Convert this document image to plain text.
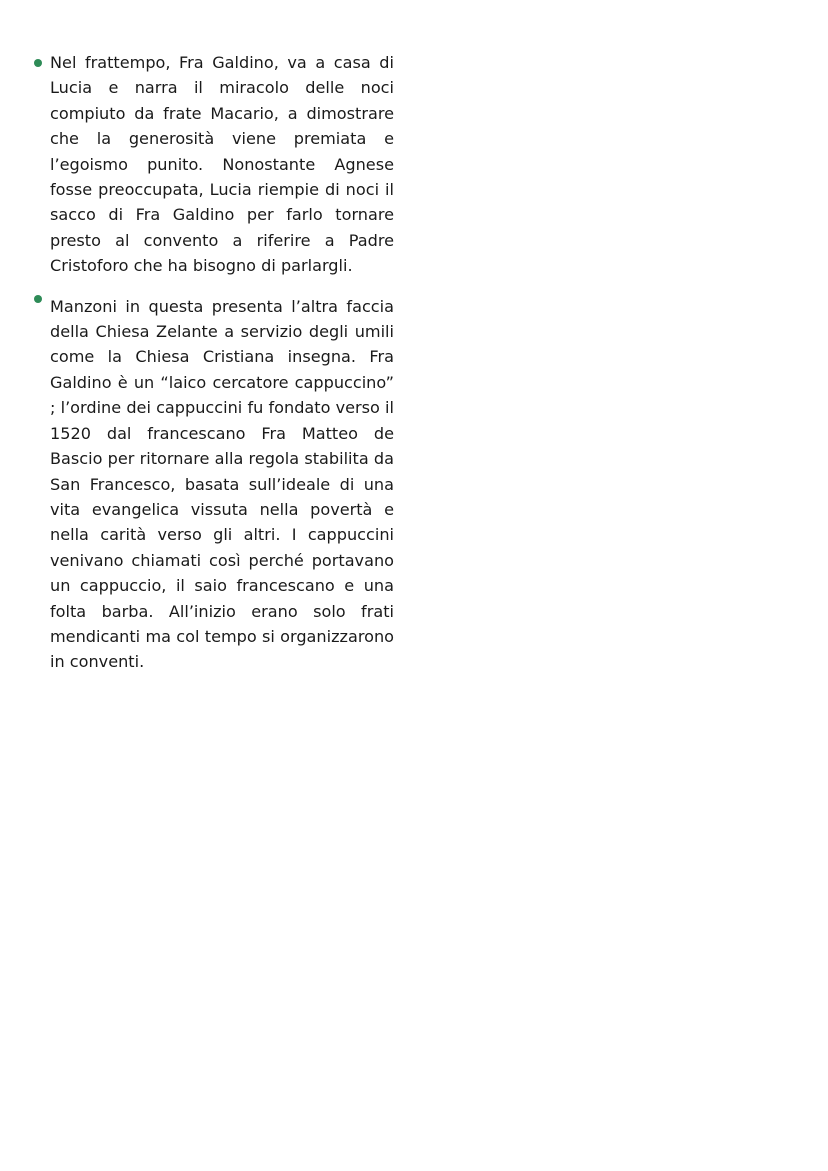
Nel frattempo, Fra Galdino, va a casa di Lucia e narra il miracolo delle noci compiuto da frate Macario, a dimostrare che la generosità viene premiata e l’egoismo punito. Nonostante Agnese fosse preoccupata, Lucia riempie di noci il sacco di Fra Galdino per farlo tornare presto al convento a riferire a Padre Cristoforo che ha bisogno di parlargli.

Manzoni in questa presenta l’altra faccia della Chiesa Zelante a servizio degli umili come la Chiesa Cristiana insegna. Fra Galdino è un “laico cercatore cappuccino” ; l’ordine dei cappuccini fu fondato verso il 1520 dal francescano Fra Matteo de Bascio per ritornare alla regola stabilita da San Francesco, basata sull’ideale di una vita evangelica vissuta nella povertà e nella carità verso gli altri. I cappuccini venivano chiamati così perché portavano un cappuccio, il saio francescano e una folta barba. All’inizio erano solo frati mendicanti ma col tempo si organizzarono in conventi.
